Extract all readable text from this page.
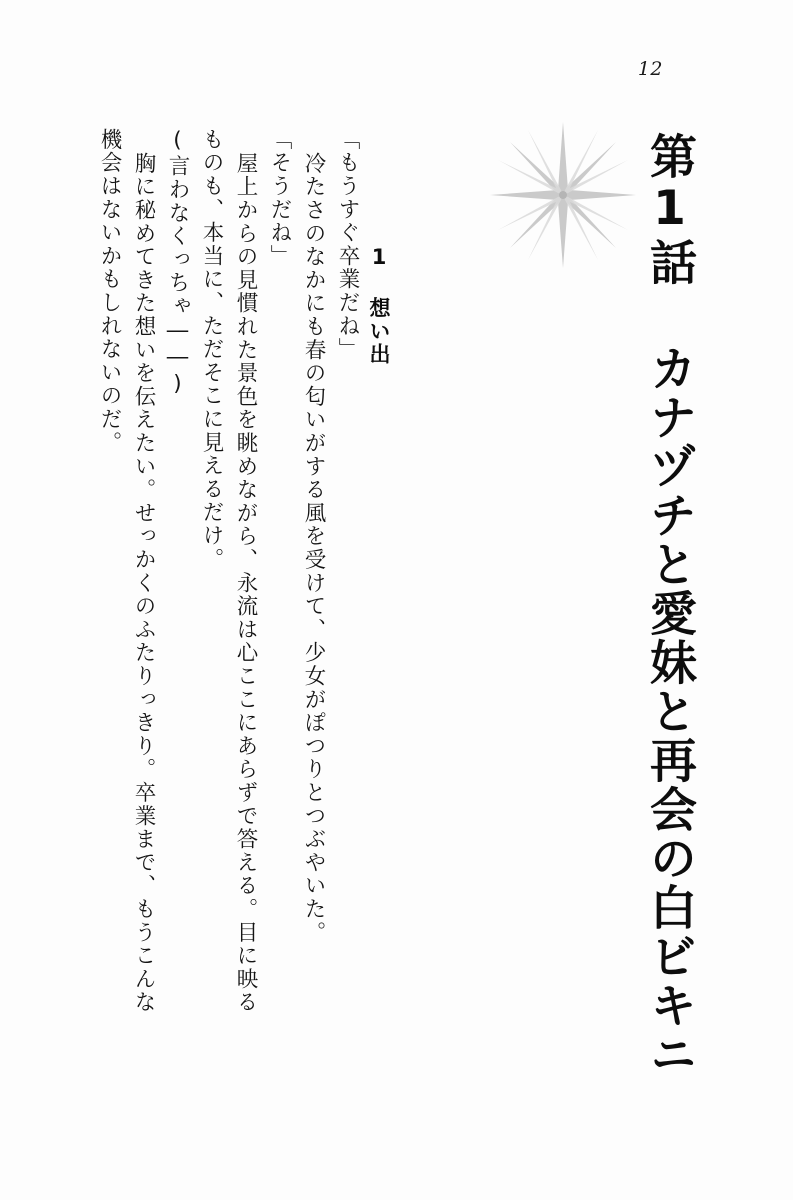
12
第1話 カナヅチと愛妹と再会の白ビキニ
1 想い出
「もうすぐ卒業だね」
冷たさのなかにも春の匂いがする風を受けて、少女がぽつりとつぶやいた。
「そうだね」
屋上からの見慣れた景色を眺めながら、永流は心ここにあらずで答える。目に映る
ものも、本当に、ただそこに見えるだけ。
(言わなくっちゃ――)
胸に秘めてきた想いを伝えたい。せっかくのふたりっきり。卒業まで、もうこんな
機会はないかもしれないのだ。
